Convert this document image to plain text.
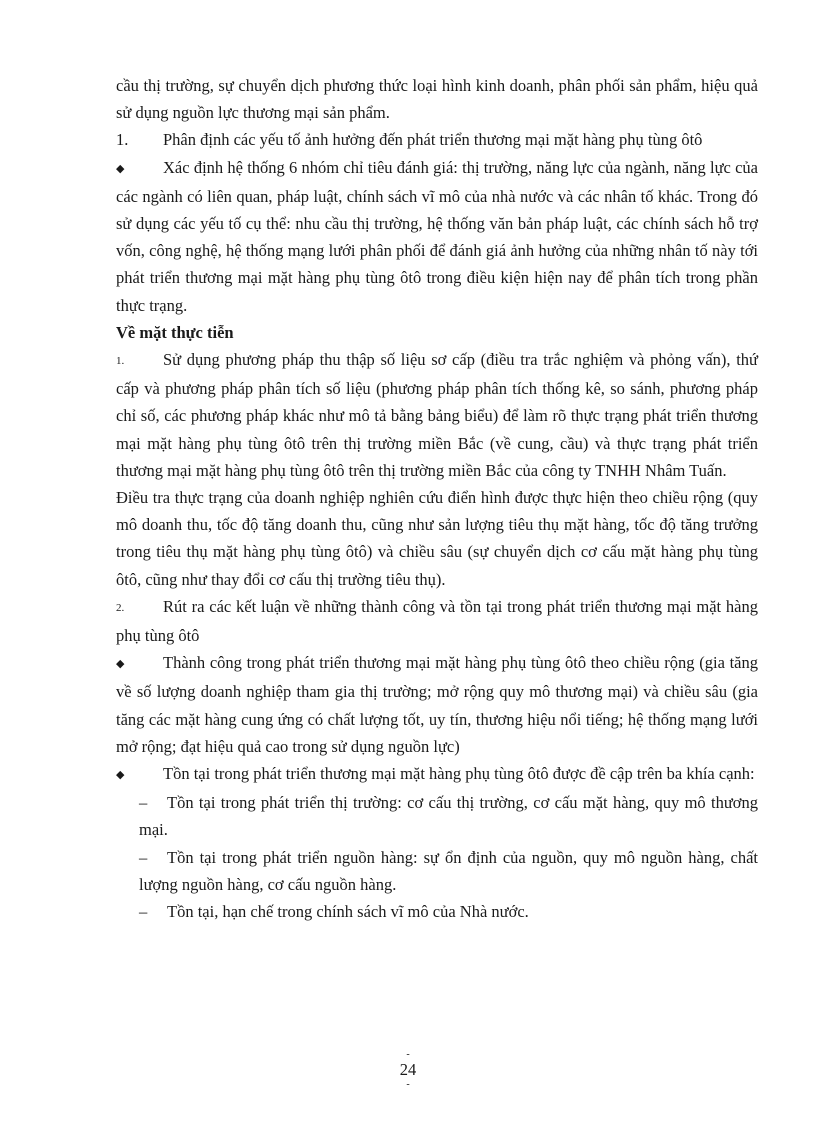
cầu thị trường, sự chuyển dịch phương thức loại hình kinh doanh, phân phối sản phẩm, hiệu quả sử dụng nguồn lực thương mại sản phẩm.

1.	Phân định các yếu tố ảnh hưởng đến phát triển thương mại mặt hàng phụ tùng ôtô

◆ Xác định hệ thống 6 nhóm chỉ tiêu đánh giá: thị trường, năng lực của ngành, năng lực của các ngành có liên quan, pháp luật, chính sách vĩ mô của nhà nước và các nhân tố khác. Trong đó sử dụng các yếu tố cụ thể: nhu cầu thị trường, hệ thống văn bản pháp luật, các chính sách hỗ trợ vốn, công nghệ, hệ thống mạng lưới phân phối để đánh giá ảnh hưởng của những nhân tố này tới phát triển thương mại mặt hàng phụ tùng ôtô trong điều kiện hiện nay để phân tích trong phần thực trạng.

Về mặt thực tiễn

1. Sử dụng phương pháp thu thập số liệu sơ cấp (điều tra trắc nghiệm và phỏng vấn), thứ cấp và phương pháp phân tích số liệu (phương pháp phân tích thống kê, so sánh, phương pháp chỉ số, các phương pháp khác như mô tả bằng bảng biểu) để làm rõ thực trạng phát triển thương mại mặt hàng phụ tùng ôtô trên thị trường miền Bắc (về cung, cầu) và thực trạng phát triển thương mại mặt hàng phụ tùng ôtô trên thị trường miền Bắc của công ty TNHH Nhâm Tuấn.

Điều tra thực trạng của doanh nghiệp nghiên cứu điển hình được thực hiện theo chiều rộng (quy mô doanh thu, tốc độ tăng doanh thu, cũng như sản lượng tiêu thụ mặt hàng, tốc độ tăng trưởng trong tiêu thụ mặt hàng phụ tùng ôtô) và chiều sâu (sự chuyển dịch cơ cấu mặt hàng phụ tùng ôtô, cũng như thay đổi cơ cấu thị trường tiêu thụ).

2. Rút ra các kết luận về những thành công và tồn tại trong phát triển thương mại mặt hàng phụ tùng ôtô

◆ Thành công trong phát triển thương mại mặt hàng phụ tùng ôtô theo chiều rộng (gia tăng về số lượng doanh nghiệp tham gia thị trường; mở rộng quy mô thương mại) và chiều sâu (gia tăng các mặt hàng cung ứng có chất lượng tốt, uy tín, thương hiệu nổi tiếng; hệ thống mạng lưới mở rộng; đạt hiệu quả cao trong sử dụng nguồn lực)

◆ Tồn tại trong phát triển thương mại mặt hàng phụ tùng ôtô được đề cập trên ba khía cạnh:

– Tồn tại trong phát triển thị trường: cơ cấu thị trường, cơ cấu mặt hàng, quy mô thương mại.

– Tồn tại trong phát triển nguồn hàng: sự ổn định của nguồn, quy mô nguồn hàng, chất lượng nguồn hàng, cơ cấu nguồn hàng.

– Tồn tại, hạn chế trong chính sách vĩ mô của Nhà nước.

-
24
-
